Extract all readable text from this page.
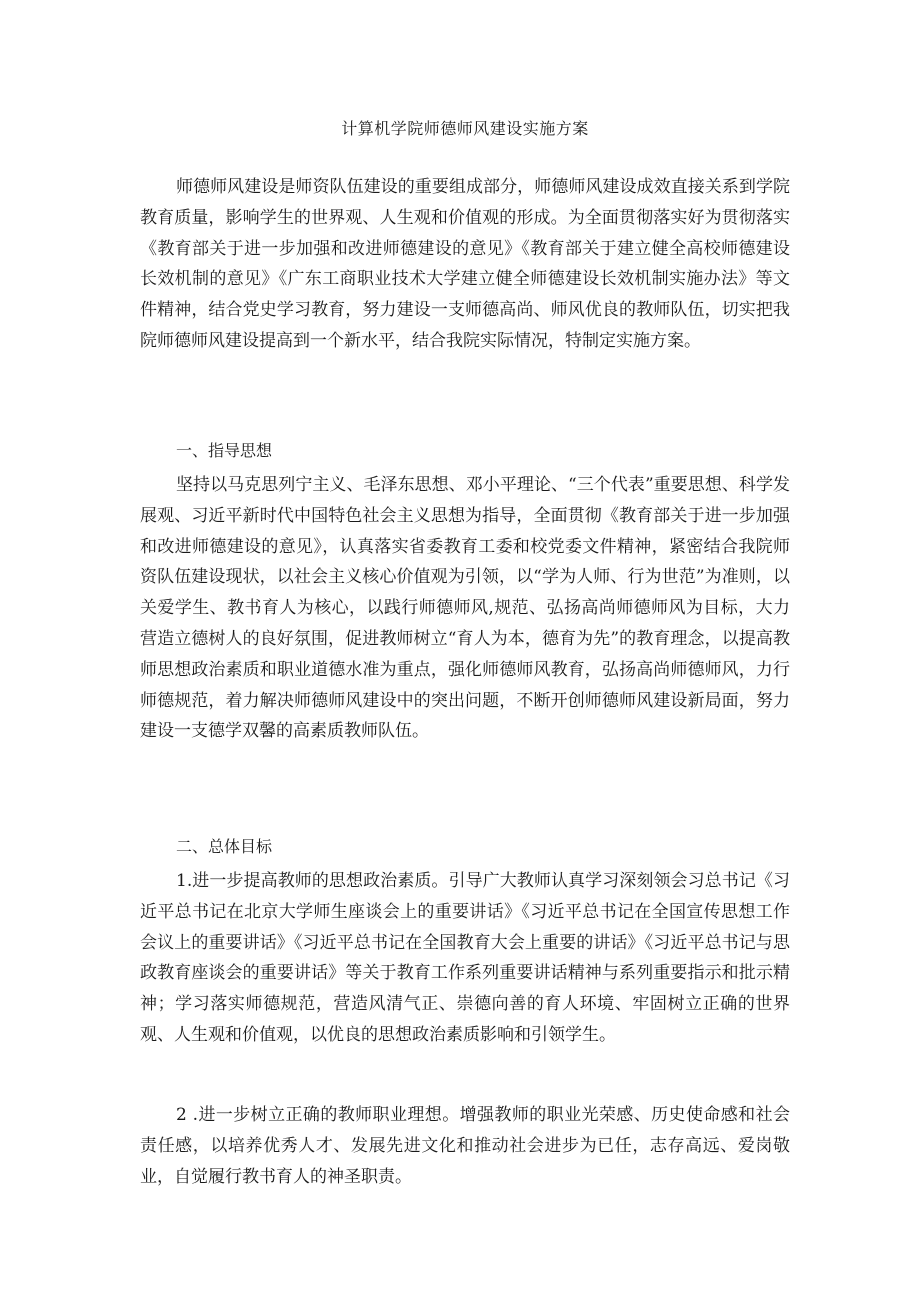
计算机学院师德师风建设实施方案

师德师风建设是师资队伍建设的重要组成部分，师德师风建设成效直接关系到学院教育质量，影响学生的世界观、人生观和价值观的形成。为全面贯彻落实好为贯彻落实《教育部关于进一步加强和改进师德建设的意见》《教育部关于建立健全高校师德建设长效机制的意见》《广东工商职业技术大学建立健全师德建设长效机制实施办法》等文件精神，结合党史学习教育，努力建设一支师德高尚、师风优良的教师队伍，切实把我院师德师风建设提高到一个新水平，结合我院实际情况，特制定实施方案。

一、指导思想

坚持以马克思列宁主义、毛泽东思想、邓小平理论、“三个代表”重要思想、科学发展观、习近平新时代中国特色社会主义思想为指导，全面贯彻《教育部关于进一步加强和改进师德建设的意见》，认真落实省委教育工委和校党委文件精神，紧密结合我院师资队伍建设现状，以社会主义核心价值观为引领，以“学为人师、行为世范”为准则，以关爱学生、教书育人为核心，以践行师德师风,规范、弘扬高尚师德师风为目标，大力营造立德树人的良好氛围，促进教师树立“育人为本，德育为先”的教育理念，以提高教师思想政治素质和职业道德水准为重点，强化师德师风教育，弘扬高尚师德师风，力行师德规范，着力解决师德师风建设中的突出问题，不断开创师德师风建设新局面，努力建设一支德学双馨的高素质教师队伍。

二、总体目标

1.进一步提高教师的思想政治素质。引导广大教师认真学习深刻领会习总书记《习近平总书记在北京大学师生座谈会上的重要讲话》《习近平总书记在全国宣传思想工作会议上的重要讲话》《习近平总书记在全国教育大会上重要的讲话》《习近平总书记与思政教育座谈会的重要讲话》等关于教育工作系列重要讲话精神与系列重要指示和批示精神；学习落实师德规范，营造风清气正、崇德向善的育人环境、牢固树立正确的世界观、人生观和价值观，以优良的思想政治素质影响和引领学生。

2 .进一步树立正确的教师职业理想。增强教师的职业光荣感、历史使命感和社会责任感，以培养优秀人才、发展先进文化和推动社会进步为已任，志存高远、爱岗敬业，自觉履行教书育人的神圣职责。
